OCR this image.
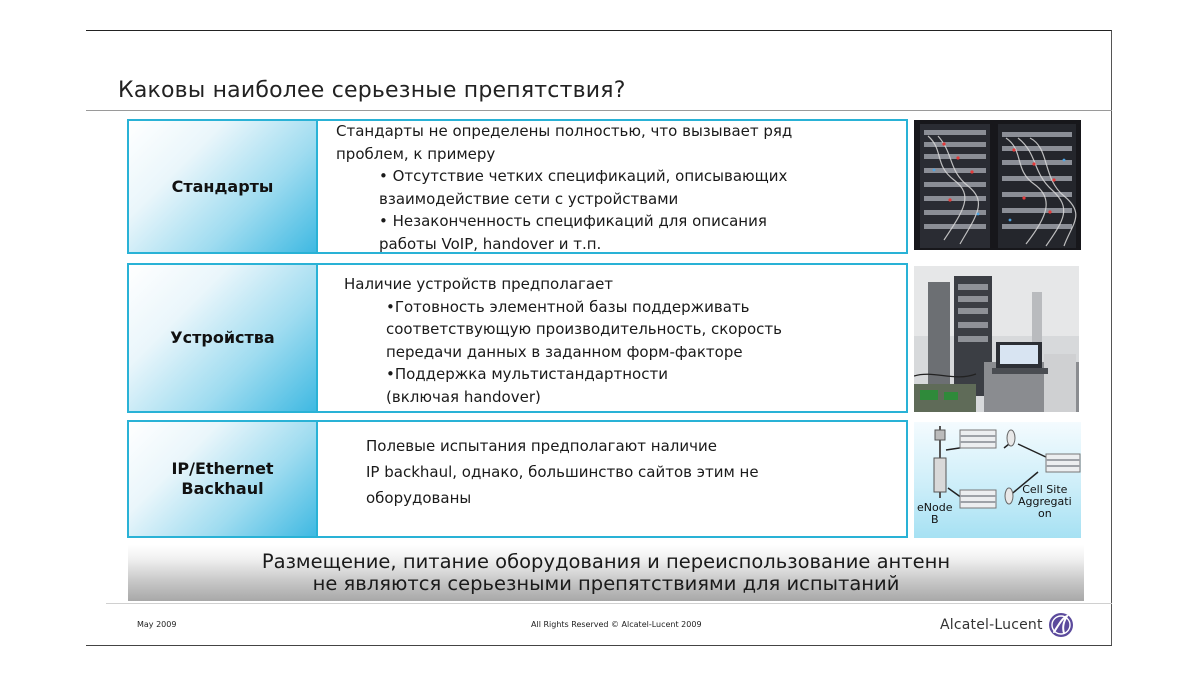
Каковы наиболее серьезные препятствия?
Стандарты
Стандарты не определены полностью, что вызывает ряд
проблем, к примеру
• Отсутствие четких спецификаций, описывающих
взаимодействие сети с устройствами
• Незаконченность спецификаций для описания
работы VoIP, handover и т.п.
Устройства
Наличие устройств предполагает
•Готовность элементной базы поддерживать
соответствующую производительность, скорость
передачи данных в заданном форм-факторе
•Поддержка мультистандартности
(включая handover)
IP/Ethernet
Backhaul
Полевые испытания предполагают наличие
IP backhaul, однако, большинство сайтов этим не
оборудованы
eNode
B
Cell Site
Aggregati
on
Размещение, питание оборудования и переиспользование антенн
не являются серьезными препятствиями для испытаний
May 2009	All Rights Reserved © Alcatel-Lucent 2009	Alcatel-Lucent
